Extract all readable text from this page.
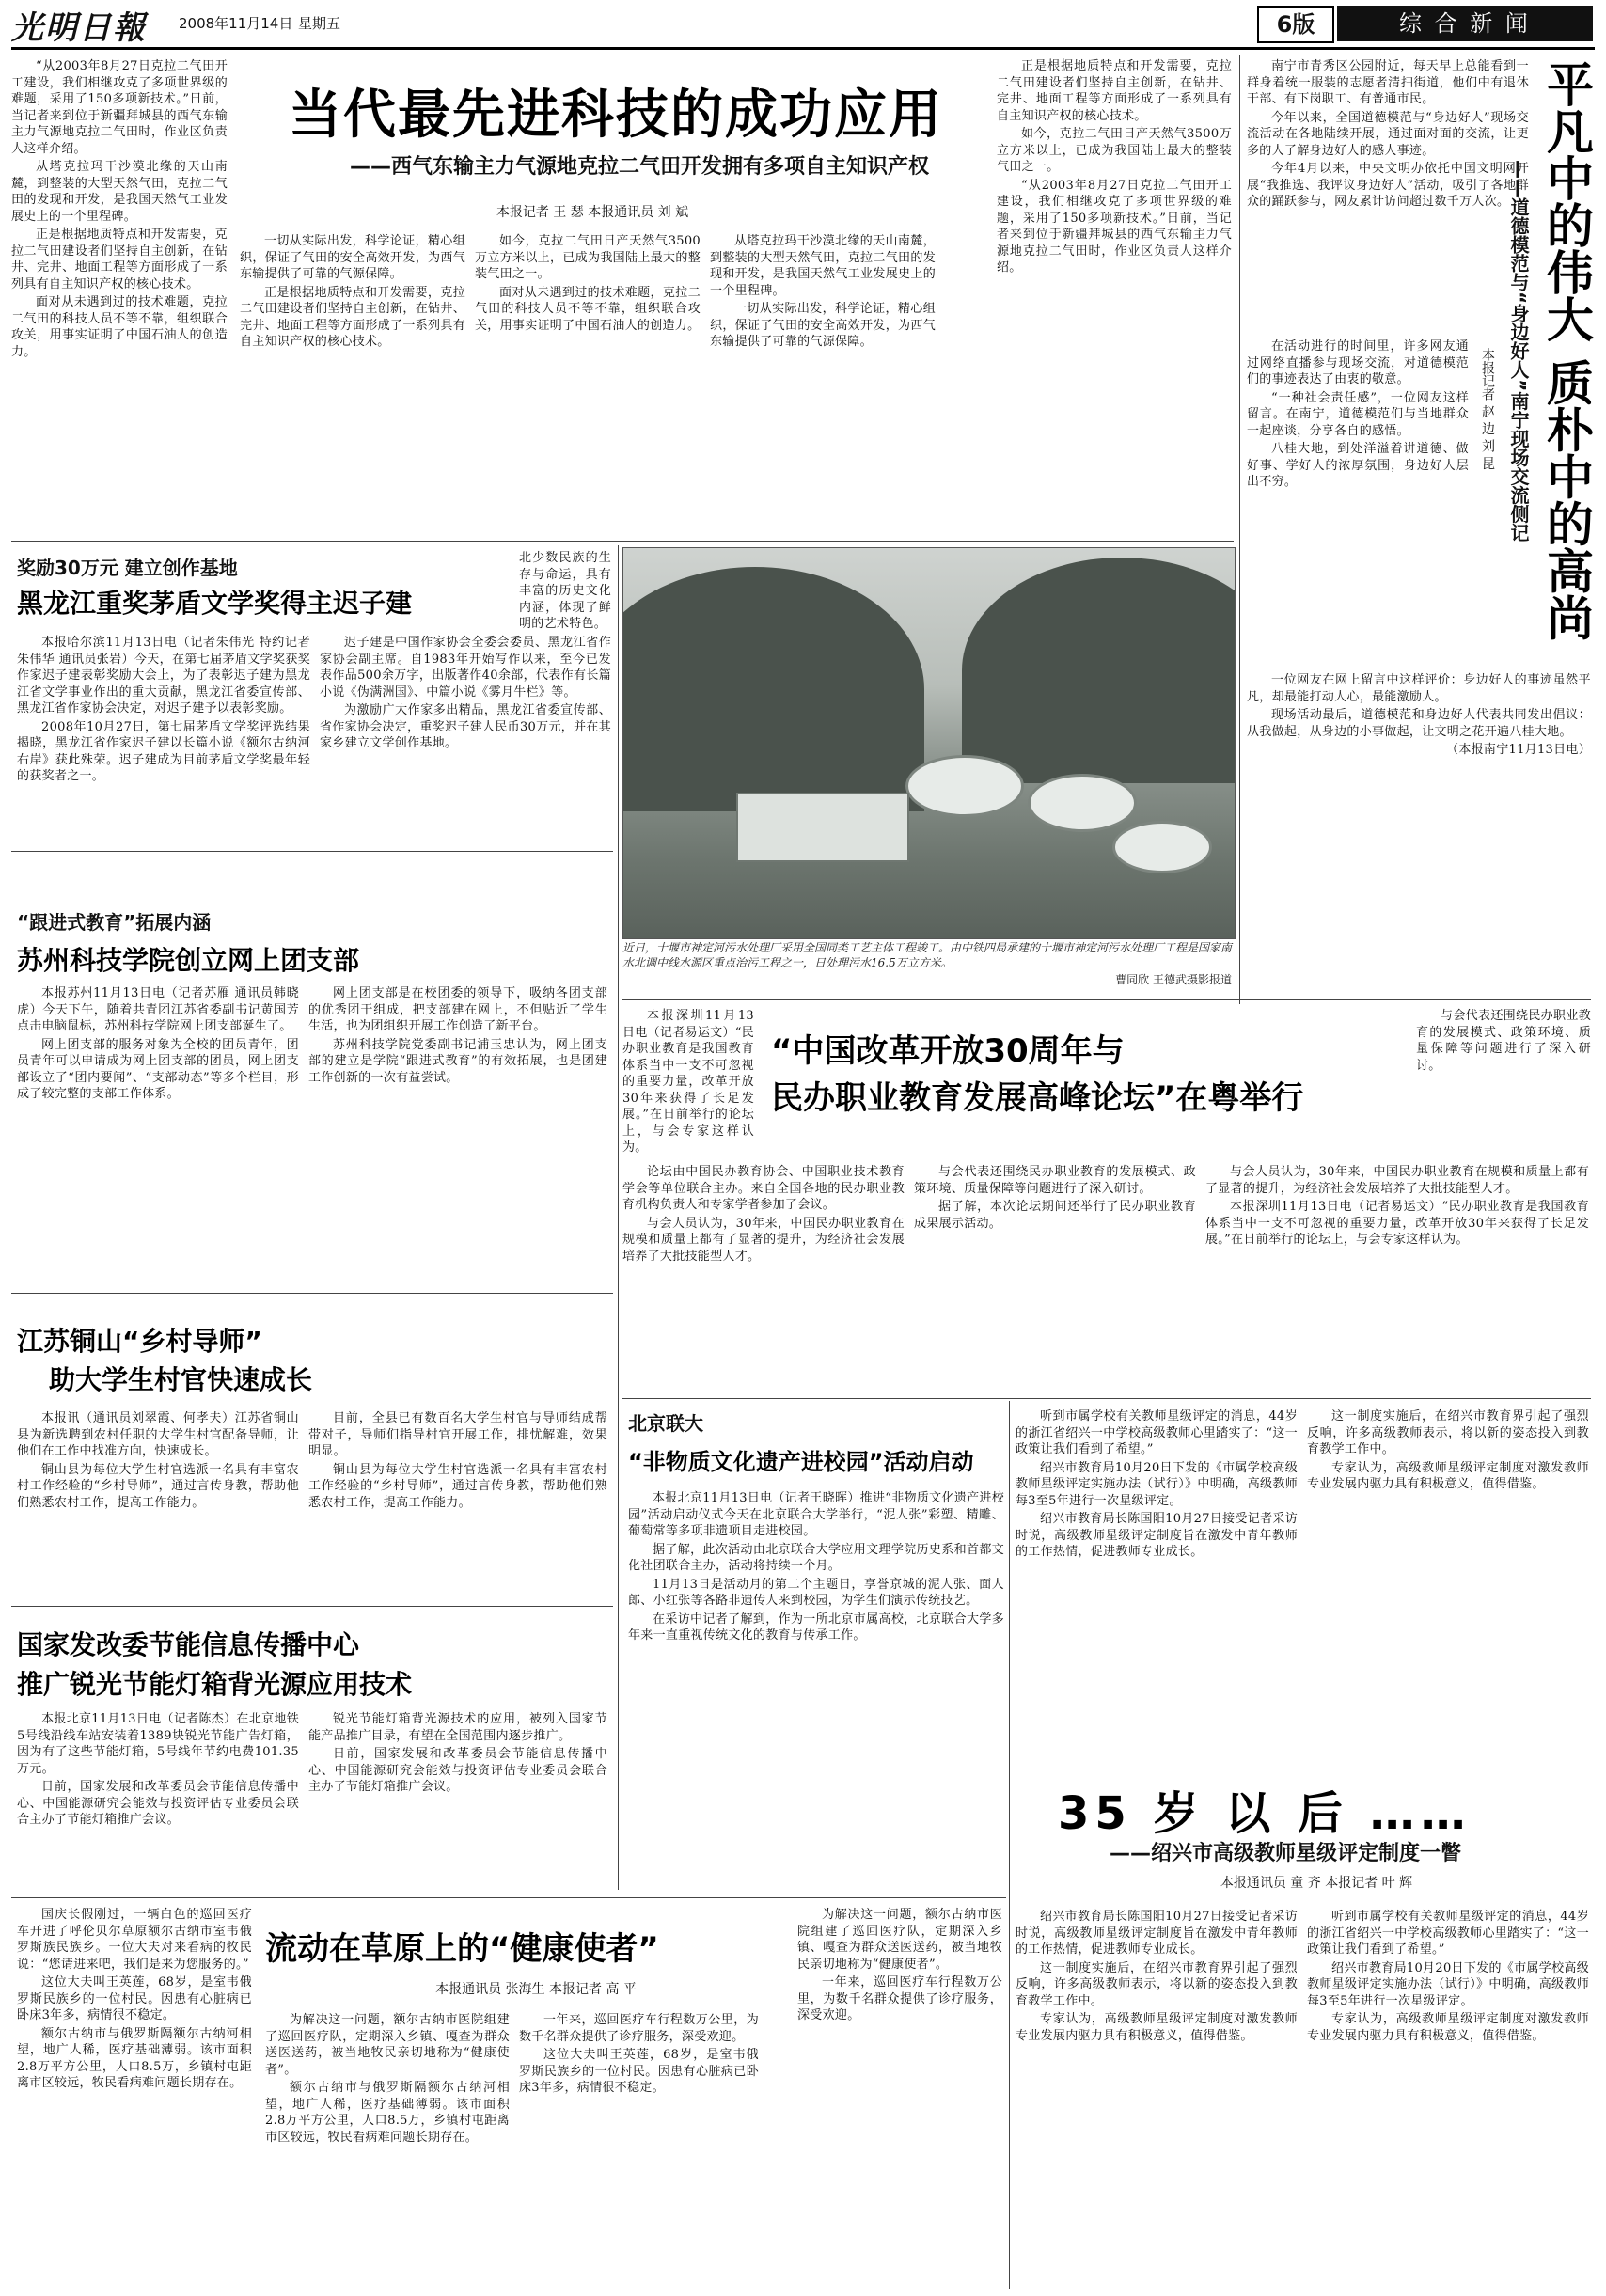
光明日報 2008年11月14日 星期五	6版	综 合 新 闻

“从2003年8月27日克拉二气田开工建设，我们相继攻克了多项世界级的难题，采用了150多项新技术。”日前，当记者来到位于新疆拜城县的西气东输主力气源地克拉二气田时，作业区负责人这样介绍。

从塔克拉玛干沙漠北缘的天山南麓，到整装的大型天然气田，克拉二气田的发现和开发，是我国天然气工业发展史上的一个里程碑。

正是根据地质特点和开发需要，克拉二气田建设者们坚持自主创新，在钻井、完井、地面工程等方面形成了一系列具有自主知识产权的核心技术。

面对从未遇到过的技术难题，克拉二气田的科技人员不等不靠，组织联合攻关，用事实证明了中国石油人的创造力。

当代最先进科技的成功应用
——西气东输主力气源地克拉二气田开发拥有多项自主知识产权
本报记者 王 瑟 本报通讯员 刘 斌

一切从实际出发，科学论证，精心组织，保证了气田的安全高效开发，为西气东输提供了可靠的气源保障。

正是根据地质特点和开发需要，克拉二气田建设者们坚持自主创新，在钻井、完井、地面工程等方面形成了一系列具有自主知识产权的核心技术。

如今，克拉二气田日产天然气3500万立方米以上，已成为我国陆上最大的整装气田之一。

面对从未遇到过的技术难题，克拉二气田的科技人员不等不靠，组织联合攻关，用事实证明了中国石油人的创造力。

从塔克拉玛干沙漠北缘的天山南麓，到整装的大型天然气田，克拉二气田的发现和开发，是我国天然气工业发展史上的一个里程碑。

一切从实际出发，科学论证，精心组织，保证了气田的安全高效开发，为西气东输提供了可靠的气源保障。

正是根据地质特点和开发需要，克拉二气田建设者们坚持自主创新，在钻井、完井、地面工程等方面形成了一系列具有自主知识产权的核心技术。

如今，克拉二气田日产天然气3500万立方米以上，已成为我国陆上最大的整装气田之一。

“从2003年8月27日克拉二气田开工建设，我们相继攻克了多项世界级的难题，采用了150多项新技术。”日前，当记者来到位于新疆拜城县的西气东输主力气源地克拉二气田时，作业区负责人这样介绍。

南宁市青秀区公园附近，每天早上总能看到一群身着统一服装的志愿者清扫街道，他们中有退休干部、有下岗职工、有普通市民。

今年以来，全国道德模范与“身边好人”现场交流活动在各地陆续开展，通过面对面的交流，让更多的人了解身边好人的感人事迹。

今年4月以来，中央文明办依托中国文明网开展“我推选、我评议身边好人”活动，吸引了各地群众的踊跃参与，网友累计访问超过数千万人次。 平凡中的伟大 质朴中的高尚
——道德模范与“身边好人”南宁现场交流侧记
本报记者 赵 边 刘 昆

在活动进行的时间里，许多网友通过网络直播参与现场交流，对道德模范们的事迹表达了由衷的敬意。

“一种社会责任感”，一位网友这样留言。在南宁，道德模范们与当地群众一起座谈，分享各自的感悟。

八桂大地，到处洋溢着讲道德、做好事、学好人的浓厚氛围，身边好人层出不穷。

一位网友在网上留言中这样评价：身边好人的事迹虽然平凡，却最能打动人心，最能激励人。

现场活动最后，道德模范和身边好人代表共同发出倡议：从我做起，从身边的小事做起，让文明之花开遍八桂大地。

（本报南宁11月13日电）

奖励30万元 建立创作基地
黑龙江重奖茅盾文学奖得主迟子建
北少数民族的生存与命运，具有丰富的历史文化内涵，体现了鲜明的艺术特色。

本报哈尔滨11月13日电（记者朱伟光 特约记者朱伟华 通讯员张岩）今天，在第七届茅盾文学奖获奖作家迟子建表彰奖励大会上，为了表彰迟子建为黑龙江省文学事业作出的重大贡献，黑龙江省委宣传部、黑龙江省作家协会决定，对迟子建予以表彰奖励。

2008年10月27日，第七届茅盾文学奖评选结果揭晓，黑龙江省作家迟子建以长篇小说《额尔古纳河右岸》获此殊荣。迟子建成为目前茅盾文学奖最年轻的获奖者之一。

迟子建是中国作家协会全委会委员、黑龙江省作家协会副主席。自1983年开始写作以来，至今已发表作品500余万字，出版著作40余部，代表作有长篇小说《伪满洲国》、中篇小说《雾月牛栏》等。

为激励广大作家多出精品，黑龙江省委宣传部、省作家协会决定，重奖迟子建人民币30万元，并在其家乡建立文学创作基地。

近日，十堰市神定河污水处理厂采用全国同类工艺主体工程竣工。由中铁四局承建的十堰市神定河污水处理厂工程是国家南水北调中线水源区重点治污工程之一，日处理污水16.5万立方米。
曹同欣 王德武摄影报道
“跟进式教育”拓展内涵
苏州科技学院创立网上团支部

本报苏州11月13日电（记者苏雁 通讯员韩晓虎）今天下午，随着共青团江苏省委副书记黄国芳点击电脑鼠标，苏州科技学院网上团支部诞生了。

网上团支部的服务对象为全校的团员青年，团员青年可以申请成为网上团支部的团员，网上团支部设立了“团内要闻”、“支部动态”等多个栏目，形成了较完整的支部工作体系。

网上团支部是在校团委的领导下，吸纳各团支部的优秀团干组成，把支部建在网上，不但贴近了学生生活，也为团组织开展工作创造了新平台。

苏州科技学院党委副书记浦玉忠认为，网上团支部的建立是学院“跟进式教育”的有效拓展，也是团建工作创新的一次有益尝试。

江苏铜山“乡村导师”
助大学生村官快速成长

本报讯（通讯员刘翠霞、何孝夫）江苏省铜山县为新选聘到农村任职的大学生村官配备导师，让他们在工作中找准方向，快速成长。

铜山县为每位大学生村官选派一名具有丰富农村工作经验的“乡村导师”，通过言传身教，帮助他们熟悉农村工作，提高工作能力。

目前，全县已有数百名大学生村官与导师结成帮带对子，导师们指导村官开展工作，排忧解难，效果明显。

铜山县为每位大学生村官选派一名具有丰富农村工作经验的“乡村导师”，通过言传身教，帮助他们熟悉农村工作，提高工作能力。

国家发改委节能信息传播中心
推广锐光节能灯箱背光源应用技术

本报北京11月13日电（记者陈杰）在北京地铁5号线沿线车站安装着1389块锐光节能广告灯箱，因为有了这些节能灯箱，5号线年节约电费101.35万元。

日前，国家发展和改革委员会节能信息传播中心、中国能源研究会能效与投资评估专业委员会联合主办了节能灯箱推广会议。

锐光节能灯箱背光源技术的应用，被列入国家节能产品推广目录，有望在全国范围内逐步推广。

日前，国家发展和改革委员会节能信息传播中心、中国能源研究会能效与投资评估专业委员会联合主办了节能灯箱推广会议。

本报深圳11月13日电（记者易运文）“民办职业教育是我国教育体系当中一支不可忽视的重要力量，改革开放30年来获得了长足发展。”在日前举行的论坛上，与会专家这样认为。

“中国改革开放30周年与
民办职业教育发展高峰论坛”在粤举行

论坛由中国民办教育协会、中国职业技术教育学会等单位联合主办。来自全国各地的民办职业教育机构负责人和专家学者参加了会议。

与会人员认为，30年来，中国民办职业教育在规模和质量上都有了显著的提升，为经济社会发展培养了大批技能型人才。

与会代表还围绕民办职业教育的发展模式、政策环境、质量保障等问题进行了深入研讨。

据了解，本次论坛期间还举行了民办职业教育成果展示活动。

与会人员认为，30年来，中国民办职业教育在规模和质量上都有了显著的提升，为经济社会发展培养了大批技能型人才。

本报深圳11月13日电（记者易运文）“民办职业教育是我国教育体系当中一支不可忽视的重要力量，改革开放30年来获得了长足发展。”在日前举行的论坛上，与会专家这样认为。

与会代表还围绕民办职业教育的发展模式、政策环境、质量保障等问题进行了深入研讨。

北京联大
“非物质文化遗产进校园”活动启动

本报北京11月13日电（记者王晓晖）推进“非物质文化遗产进校园”活动启动仪式今天在北京联合大学举行，“泥人张”彩塑、精雕、葡萄常等多项非遗项目走进校园。

据了解，此次活动由北京联合大学应用文理学院历史系和首都文化社团联合主办，活动将持续一个月。

11月13日是活动月的第二个主题日，享誉京城的泥人张、面人郎、小红张等各路非遗传人来到校园，为学生们演示传统技艺。

在采访中记者了解到，作为一所北京市属高校，北京联合大学多年来一直重视传统文化的教育与传承工作。

听到市属学校有关教师星级评定的消息，44岁的浙江省绍兴一中学校高级教师心里踏实了：“这一政策让我们看到了希望。”

绍兴市教育局10月20日下发的《市属学校高级教师星级评定实施办法（试行）》中明确，高级教师每3至5年进行一次星级评定。

绍兴市教育局长陈国阳10月27日接受记者采访时说，高级教师星级评定制度旨在激发中青年教师的工作热情，促进教师专业成长。

这一制度实施后，在绍兴市教育界引起了强烈反响，许多高级教师表示，将以新的姿态投入到教育教学工作中。

专家认为，高级教师星级评定制度对激发教师专业发展内驱力具有积极意义，值得借鉴。

35 岁 以 后 ……
——绍兴市高级教师星级评定制度一瞥
本报通讯员 童 齐 本报记者 叶 辉

绍兴市教育局长陈国阳10月27日接受记者采访时说，高级教师星级评定制度旨在激发中青年教师的工作热情，促进教师专业成长。

这一制度实施后，在绍兴市教育界引起了强烈反响，许多高级教师表示，将以新的姿态投入到教育教学工作中。

专家认为，高级教师星级评定制度对激发教师专业发展内驱力具有积极意义，值得借鉴。

听到市属学校有关教师星级评定的消息，44岁的浙江省绍兴一中学校高级教师心里踏实了：“这一政策让我们看到了希望。”

绍兴市教育局10月20日下发的《市属学校高级教师星级评定实施办法（试行）》中明确，高级教师每3至5年进行一次星级评定。

专家认为，高级教师星级评定制度对激发教师专业发展内驱力具有积极意义，值得借鉴。

国庆长假刚过，一辆白色的巡回医疗车开进了呼伦贝尔草原额尔古纳市室韦俄罗斯族民族乡。一位大夫对来看病的牧民说：“您请进来吧，我们是来为您服务的。”

这位大夫叫王英莲，68岁，是室韦俄罗斯民族乡的一位村民。因患有心脏病已卧床3年多，病情很不稳定。

额尔古纳市与俄罗斯隔额尔古纳河相望，地广人稀，医疗基础薄弱。该市面积2.8万平方公里，人口8.5万，乡镇村屯距离市区较远，牧民看病难问题长期存在。

流动在草原上的“健康使者”
本报通讯员 张海生 本报记者 高 平

为解决这一问题，额尔古纳市医院组建了巡回医疗队，定期深入乡镇、嘎查为群众送医送药，被当地牧民亲切地称为“健康使者”。

额尔古纳市与俄罗斯隔额尔古纳河相望，地广人稀，医疗基础薄弱。该市面积2.8万平方公里，人口8.5万，乡镇村屯距离市区较远，牧民看病难问题长期存在。

一年来，巡回医疗车行程数万公里，为数千名群众提供了诊疗服务，深受欢迎。

这位大夫叫王英莲，68岁，是室韦俄罗斯民族乡的一位村民。因患有心脏病已卧床3年多，病情很不稳定。

为解决这一问题，额尔古纳市医院组建了巡回医疗队，定期深入乡镇、嘎查为群众送医送药，被当地牧民亲切地称为“健康使者”。

一年来，巡回医疗车行程数万公里，为数千名群众提供了诊疗服务，深受欢迎。
